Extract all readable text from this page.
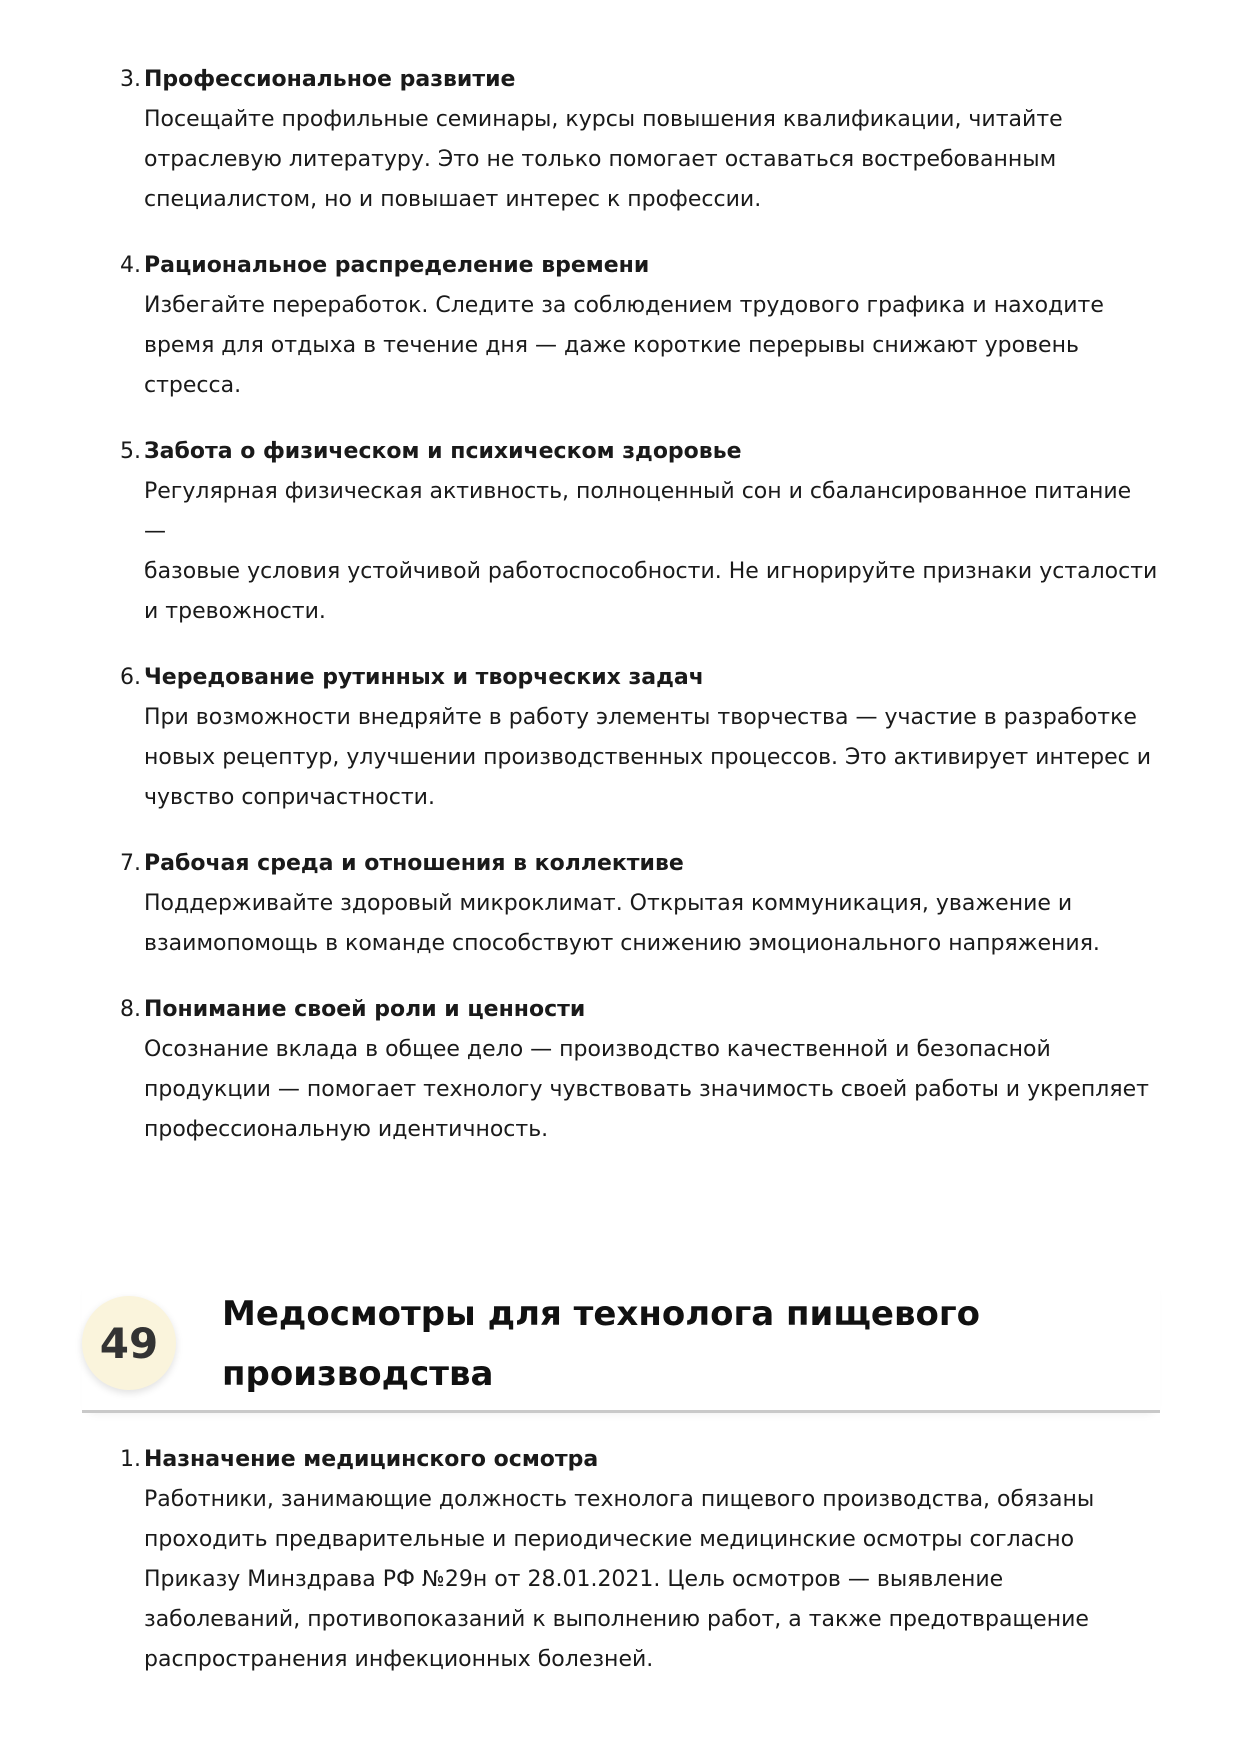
3. Профессиональное развитие

Посещайте профильные семинары, курсы повышения квалификации, читайте

отраслевую литературу. Это не только помогает оставаться востребованным

специалистом, но и повышает интерес к профессии.

4. Рациональное распределение времени

Избегайте переработок. Следите за соблюдением трудового графика и находите

время для отдыха в течение дня — даже короткие перерывы снижают уровень

стресса.

5. Забота о физическом и психическом здоровье

Регулярная физическая активность, полноценный сон и сбалансированное питание —

базовые условия устойчивой работоспособности. Не игнорируйте признаки усталости

и тревожности.

6. Чередование рутинных и творческих задач

При возможности внедряйте в работу элементы творчества — участие в разработке

новых рецептур, улучшении производственных процессов. Это активирует интерес и

чувство сопричастности.

7. Рабочая среда и отношения в коллективе

Поддерживайте здоровый микроклимат. Открытая коммуникация, уважение и

взаимопомощь в команде способствуют снижению эмоционального напряжения.

8. Понимание своей роли и ценности

Осознание вклада в общее дело — производство качественной и безопасной

продукции — помогает технологу чувствовать значимость своей работы и укрепляет

профессиональную идентичность.

49
Медосмотры для технолога пищевого
производства
1. Назначение медицинского осмотра

Работники, занимающие должность технолога пищевого производства, обязаны

проходить предварительные и периодические медицинские осмотры согласно

Приказу Минздрава РФ №29н от 28.01.2021. Цель осмотров — выявление

заболеваний, противопоказаний к выполнению работ, а также предотвращение

распространения инфекционных болезней.
